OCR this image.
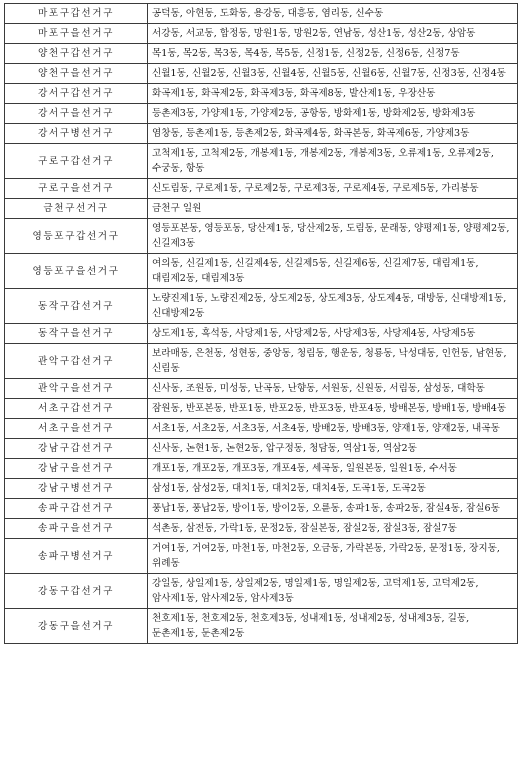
마포구갑선거구	공덕동, 아현동, 도화동, 용강동, 대흥동, 염리동, 신수동
마포구을선거구	서강동, 서교동, 합정동, 망원1동, 망원2동, 연남동, 성산1동, 성산2동, 상암동
양천구갑선거구	목1동, 목2동, 목3동, 목4동, 목5동, 신정1동, 신정2동, 신정6동, 신정7동
양천구을선거구	신월1동, 신월2동, 신월3동, 신월4동, 신월5동, 신월6동, 신월7동, 신정3동, 신정4동
강서구갑선거구	화곡제1동, 화곡제2동, 화곡제3동, 화곡제8동, 발산제1동, 우장산동
강서구을선거구	등촌제3동, 가양제1동, 가양제2동, 공항동, 방화제1동, 방화제2동, 방화제3동
강서구병선거구	염창동, 등촌제1동, 등촌제2동, 화곡제4동, 화곡본동, 화곡제6동, 가양제3동
구로구갑선거구	고척제1동, 고척제2동, 개봉제1동, 개봉제2동, 개봉제3동, 오류제1동, 오류제2동, 수궁동, 항동
구로구을선거구	신도림동, 구로제1동, 구로제2동, 구로제3동, 구로제4동, 구로제5동, 가리봉동
금천구선거구	금천구 일원
영등포구갑선거구	영등포본동, 영등포동, 당산제1동, 당산제2동, 도림동, 문래동, 양평제1동, 양평제2동, 신길제3동
영등포구을선거구	여의동, 신길제1동, 신길제4동, 신길제5동, 신길제6동, 신길제7동, 대림제1동, 대림제2동, 대림제3동
동작구갑선거구	노량진제1동, 노량진제2동, 상도제2동, 상도제3동, 상도제4동, 대방동, 신대방제1동, 신대방제2동
동작구을선거구	상도제1동, 흑석동, 사당제1동, 사당제2동, 사당제3동, 사당제4동, 사당제5동
관악구갑선거구	보라매동, 은천동, 성현동, 중앙동, 청림동, 행운동, 청룡동, 낙성대동, 인헌동, 남현동, 신림동
관악구을선거구	신사동, 조원동, 미성동, 난곡동, 난향동, 서원동, 신원동, 서림동, 삼성동, 대학동
서초구갑선거구	잠원동, 반포본동, 반포1동, 반포2동, 반포3동, 반포4동, 방배본동, 방배1동, 방배4동
서초구을선거구	서초1동, 서초2동, 서초3동, 서초4동, 방배2동, 방배3동, 양재1동, 양재2동, 내곡동
강남구갑선거구	신사동, 논현1동, 논현2동, 압구정동, 청담동, 역삼1동, 역삼2동
강남구을선거구	개포1동, 개포2동, 개포3동, 개포4동, 세곡동, 일원본동, 일원1동, 수서동
강남구병선거구	삼성1동, 삼성2동, 대치1동, 대치2동, 대치4동, 도곡1동, 도곡2동
송파구갑선거구	풍납1동, 풍납2동, 방이1동, 방이2동, 오륜동, 송파1동, 송파2동, 잠실4동, 잠실6동
송파구을선거구	석촌동, 삼전동, 가락1동, 문정2동, 잠실본동, 잠실2동, 잠실3동, 잠실7동
송파구병선거구	거여1동, 거여2동, 마천1동, 마천2동, 오금동, 가락본동, 가락2동, 문정1동, 장지동, 위례동
강동구갑선거구	강일동, 상일제1동, 상일제2동, 명일제1동, 명일제2동, 고덕제1동, 고덕제2동, 암사제1동, 암사제2동, 암사제3동
강동구을선거구	천호제1동, 천호제2동, 천호제3동, 성내제1동, 성내제2동, 성내제3동, 길동, 둔촌제1동, 둔촌제2동
